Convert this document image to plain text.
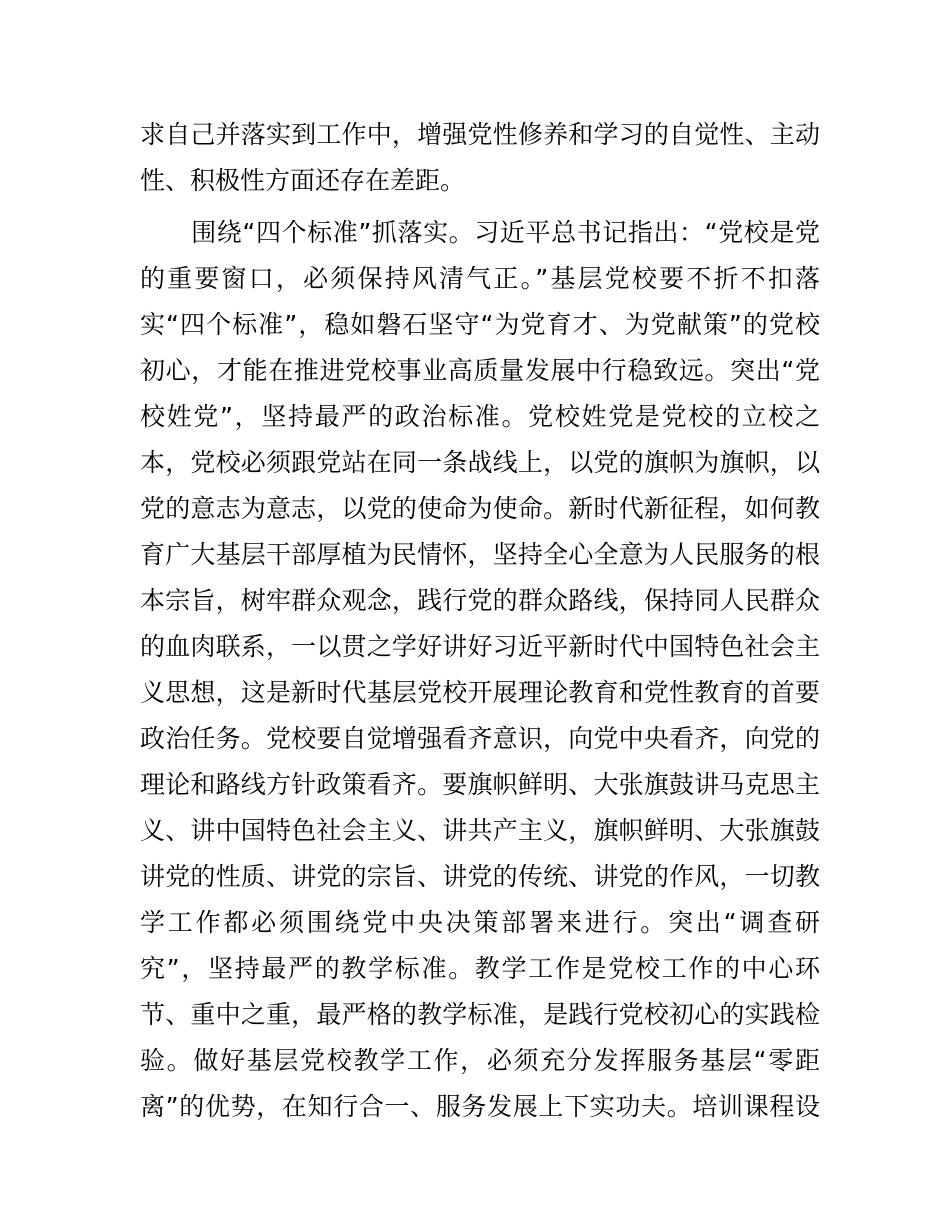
求自己并落实到工作中，增强党性修养和学习的自觉性、主动
性、积极性方面还存在差距。
　　围绕“四个标准”抓落实。习近平总书记指出：“党校是党
的重要窗口，必须保持风清气正。”基层党校要不折不扣落
实“四个标准”，稳如磐石坚守“为党育才、为党献策”的党校
初心，才能在推进党校事业高质量发展中行稳致远。突出“党
校姓党”，坚持最严的政治标准。党校姓党是党校的立校之
本，党校必须跟党站在同一条战线上，以党的旗帜为旗帜，以
党的意志为意志，以党的使命为使命。新时代新征程，如何教
育广大基层干部厚植为民情怀，坚持全心全意为人民服务的根
本宗旨，树牢群众观念，践行党的群众路线，保持同人民群众
的血肉联系，一以贯之学好讲好习近平新时代中国特色社会主
义思想，这是新时代基层党校开展理论教育和党性教育的首要
政治任务。党校要自觉增强看齐意识，向党中央看齐，向党的
理论和路线方针政策看齐。要旗帜鲜明、大张旗鼓讲马克思主
义、讲中国特色社会主义、讲共产主义，旗帜鲜明、大张旗鼓
讲党的性质、讲党的宗旨、讲党的传统、讲党的作风，一切教
学工作都必须围绕党中央决策部署来进行。突出“调查研
究”，坚持最严的教学标准。教学工作是党校工作的中心环
节、重中之重，最严格的教学标准，是践行党校初心的实践检
验。做好基层党校教学工作，必须充分发挥服务基层“零距
离”的优势，在知行合一、服务发展上下实功夫。培训课程设
